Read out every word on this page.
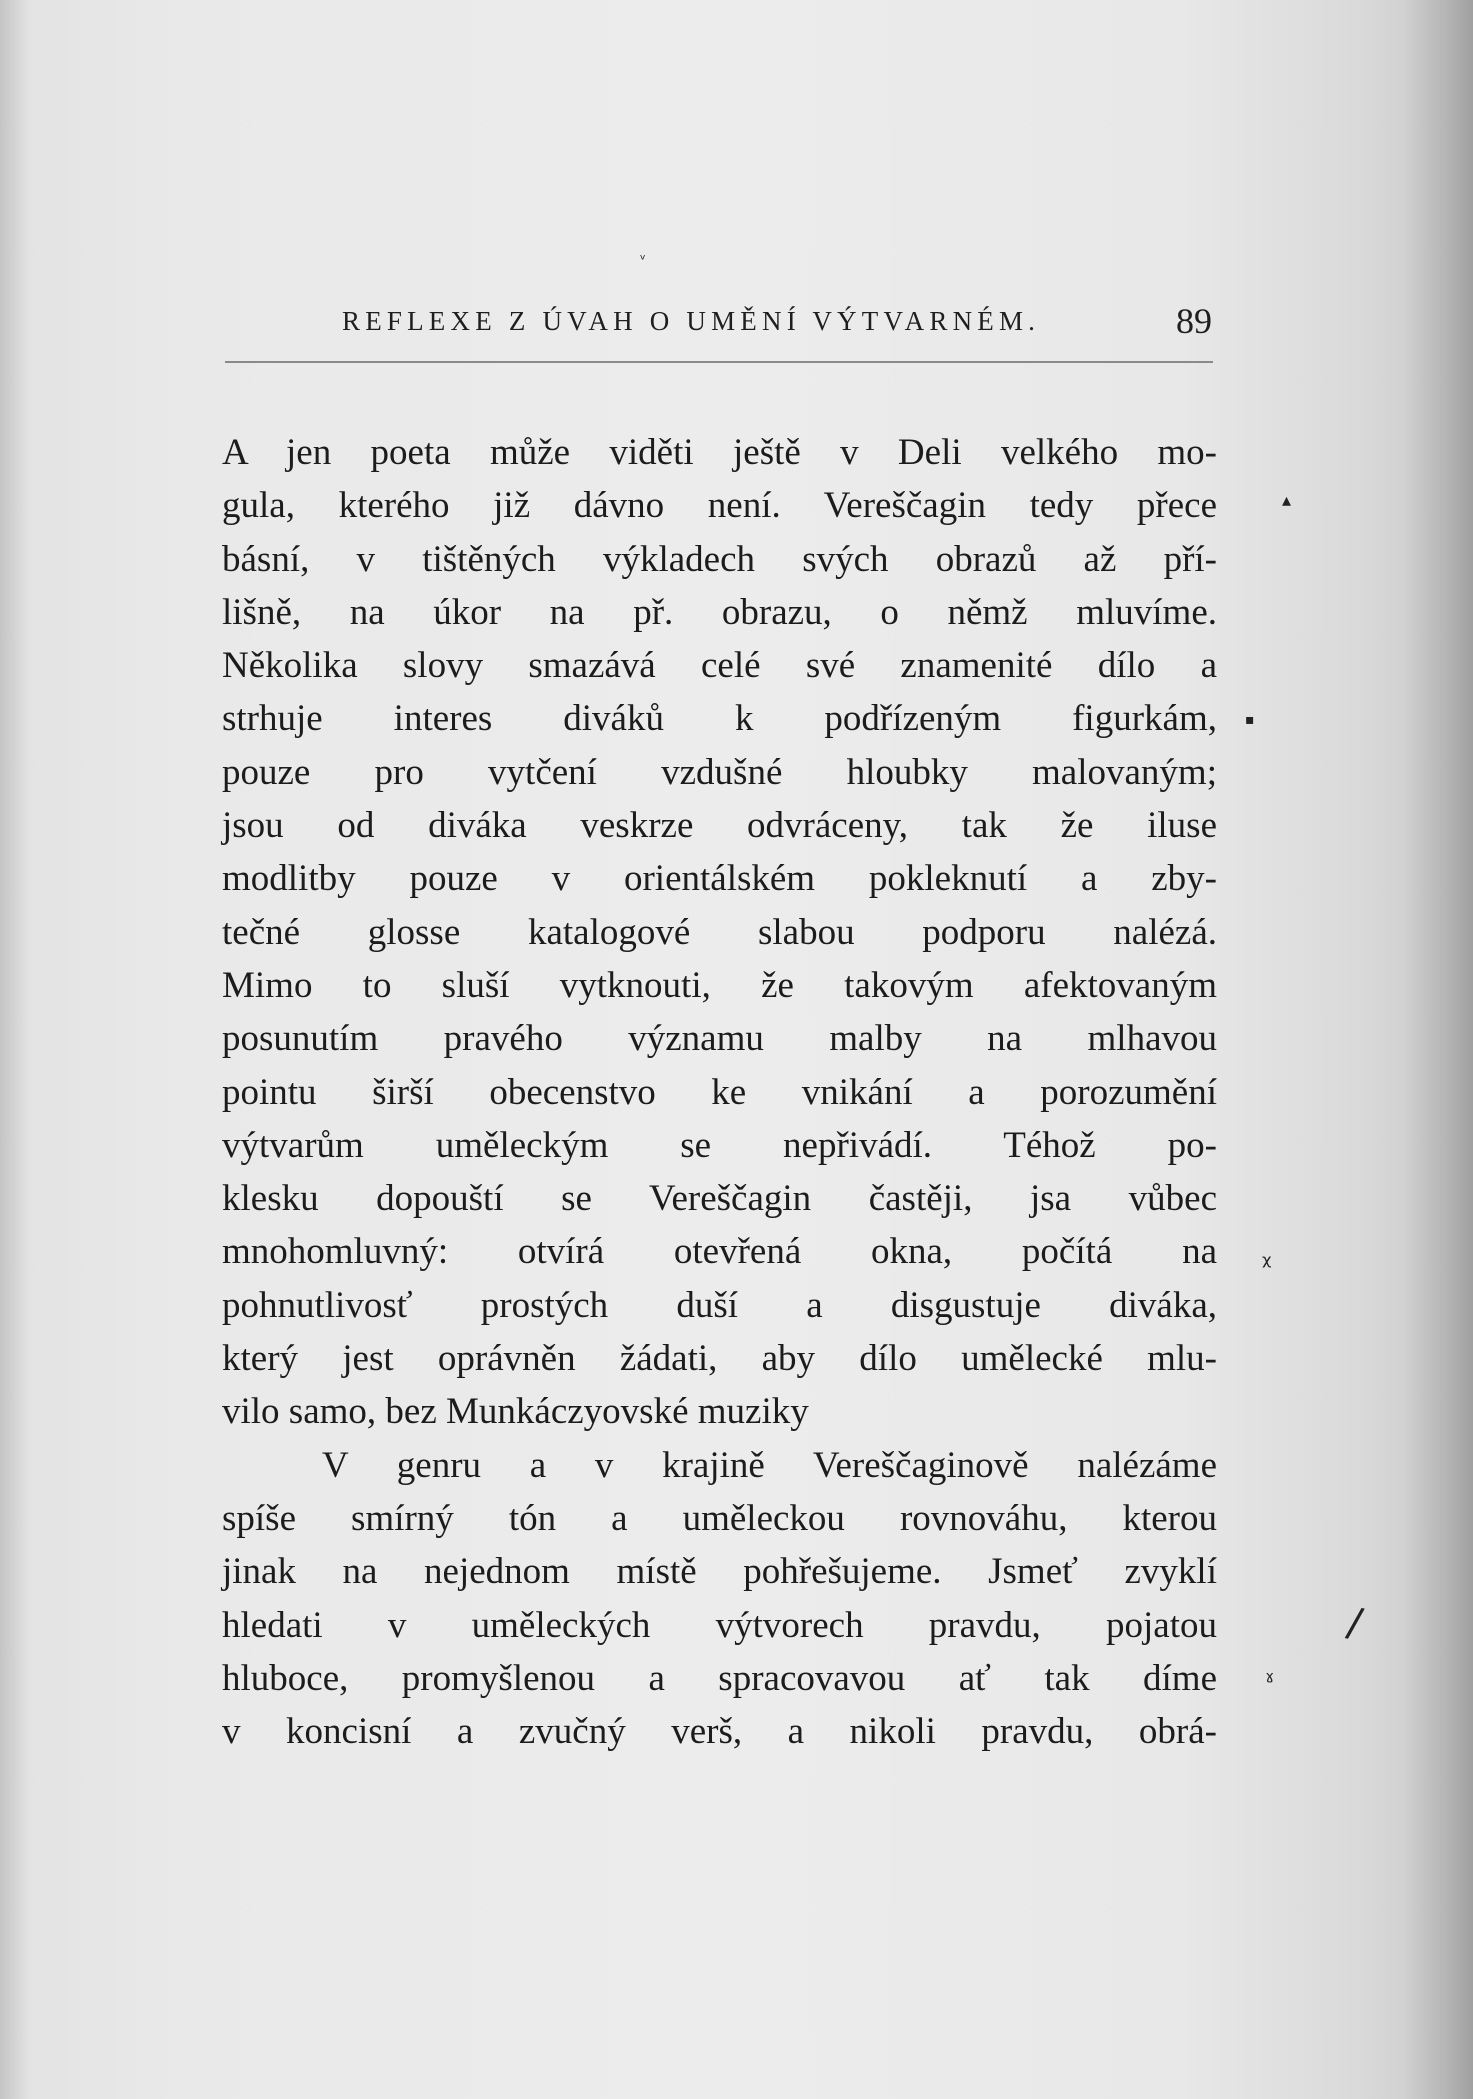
REFLEXE Z ÚVAH O UMĚNÍ VÝTVARNÉM.	89
A jen poeta může viděti ještě v Deli velkého mo-
gula, kterého již dávno není. Vereščagin tedy přece
básní, v tištěných výkladech svých obrazů až pří-
lišně, na úkor na př. obrazu, o němž mluvíme.
Několika slovy smazává celé své znamenité dílo a
strhuje interes diváků k podřízeným figurkám,
pouze pro vytčení vzdušné hloubky malovaným;
jsou od diváka veskrze odvráceny, tak že iluse
modlitby pouze v orientálském pokleknutí a zby-
tečné glosse katalogové slabou podporu nalézá.
Mimo to sluší vytknouti, že takovým afektovaným
posunutím pravého významu malby na mlhavou
pointu širší obecenstvo ke vnikání a porozumění
výtvarům uměleckým se nepřivádí. Téhož po-
klesku dopouští se Vereščagin častěji, jsa vůbec
mnohomluvný: otvírá otevřená okna, počítá na
pohnutlivosť prostých duší a disgustuje diváka,
který jest oprávněn žádati, aby dílo umělecké mlu-
vilo samo, bez Munkáczyovské muziky
V genru a v krajině Vereščaginově nalézáme
spíše smírný tón a uměleckou rovnováhu, kterou
jinak na nejednom místě pohřešujeme. Jsmeť zvyklí
hledati v uměleckých výtvorech pravdu, pojatou
hluboce, promyšlenou a spracovavou ať tak díme
v koncisní a zvučný verš, a nikoli pravdu, obrá-
▴
▪
ᵡ
/
ˠ
ᵛ
